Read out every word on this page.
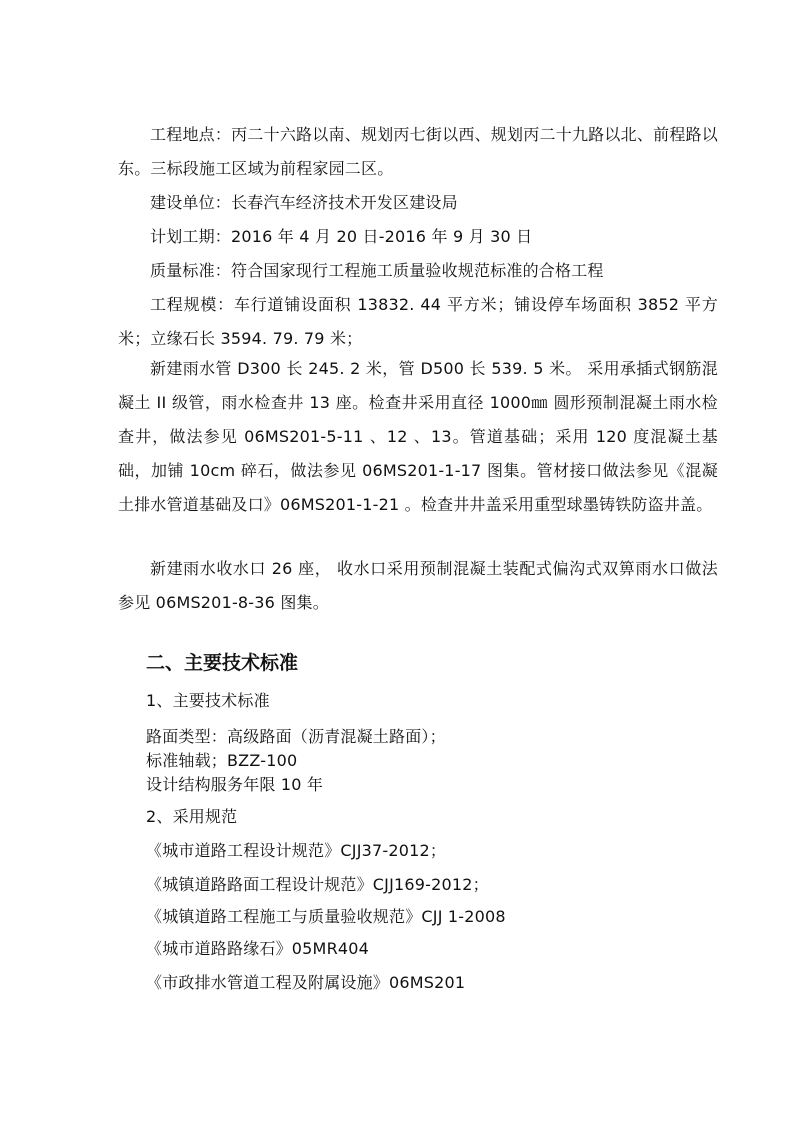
工程地点：丙二十六路以南、规划丙七街以西、规划丙二十九路以北、前程路以东。三标段施工区域为前程家园二区。

建设单位：长春汽车经济技术开发区建设局

计划工期：2016 年 4 月 20 日-2016 年 9 月 30 日

质量标准：符合国家现行工程施工质量验收规范标准的合格工程

工程规模：车行道铺设面积 13832. 44 平方米；铺设停车场面积 3852 平方米；立缘石长 3594. 79. 79 米；

新建雨水管 D300 长 245. 2 米，管 D500 长 539. 5 米。 采用承插式钢筋混凝土 II 级管，雨水检查井 13 座。检查井采用直径 1000㎜ 圆形预制混凝土雨水检查井，做法参见 06MS201-5-11 、12 、13。管道基础；采用 120 度混凝土基础，加铺 10cm 碎石，做法参见 06MS201-1-17 图集。管材接口做法参见《混凝土排水管道基础及口》06MS201-1-21 。检查井井盖采用重型球墨铸铁防盗井盖。

新建雨水收水口 26 座， 收水口采用预制混凝土装配式偏沟式双箅雨水口做法参见 06MS201-8-36 图集。

二、主要技术标准

1、主要技术标准

路面类型：高级路面（沥青混凝土路面）；

标准轴载；BZZ-100

设计结构服务年限 10 年

2、采用规范

《城市道路工程设计规范》CJJ37-2012；

《城镇道路路面工程设计规范》CJJ169-2012；

《城镇道路工程施工与质量验收规范》CJJ 1-2008

《城市道路路缘石》05MR404

《市政排水管道工程及附属设施》06MS201
